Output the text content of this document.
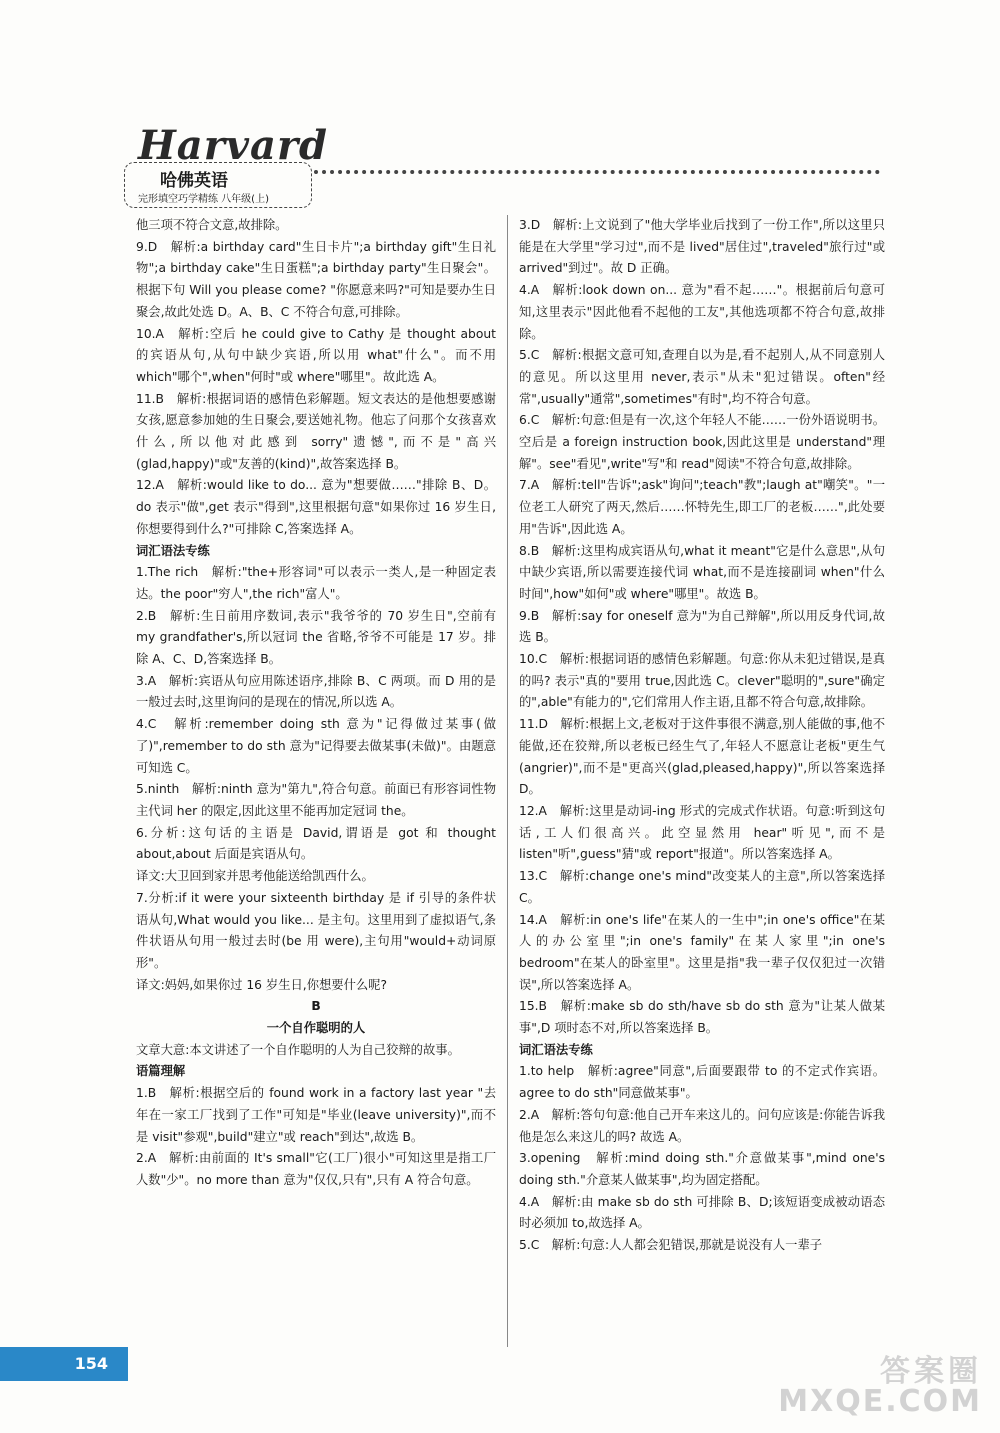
Harvard
哈佛英语
完形填空巧学精练 八年级(上)
他三项不符合文意,故排除。
9.D　解析:a birthday card"生日卡片";a birthday gift"生日礼物";a birthday cake"生日蛋糕";a birthday party"生日聚会"。根据下句 Will you please come? "你愿意来吗?"可知是要办生日聚会,故此处选 D。A、B、C 不符合句意,可排除。
10.A　解析:空后 he could give to Cathy 是 thought about 的宾语从句,从句中缺少宾语,所以用 what"什么"。而不用 which"哪个",when"何时"或 where"哪里"。故此选 A。
11.B　解析:根据词语的感情色彩解题。短文表达的是他想要感谢女孩,愿意参加她的生日聚会,要送她礼物。他忘了问那个女孩喜欢什么,所以他对此感到 sorry"遗憾",而不是"高兴(glad,happy)"或"友善的(kind)",故答案选择 B。
12.A　解析:would like to do... 意为"想要做……"排除 B、D。do 表示"做",get 表示"得到",这里根据句意"如果你过 16 岁生日,你想要得到什么?"可排除 C,答案选择 A。
词汇语法专练
1.The rich　解析:"the+形容词"可以表示一类人,是一种固定表达。the poor"穷人",the rich"富人"。
2.B　解析:生日前用序数词,表示"我爷爷的 70 岁生日",空前有 my grandfather's,所以冠词 the 省略,爷爷不可能是 17 岁。排除 A、C、D,答案选择 B。
3.A　解析:宾语从句应用陈述语序,排除 B、C 两项。而 D 用的是一般过去时,这里询问的是现在的情况,所以选 A。
4.C　解析:remember doing sth 意为"记得做过某事(做了)",remember to do sth 意为"记得要去做某事(未做)"。由题意可知选 C。
5.ninth　解析:ninth 意为"第九",符合句意。前面已有形容词性物主代词 her 的限定,因此这里不能再加定冠词 the。
6.分析:这句话的主语是 David,谓语是 got 和 thought about,about 后面是宾语从句。
译文:大卫回到家并思考他能送给凯西什么。
7.分析:if it were your sixteenth birthday 是 if 引导的条件状语从句,What would you like... 是主句。这里用到了虚拟语气,条件状语从句用一般过去时(be 用 were),主句用"would+动词原形"。
译文:妈妈,如果你过 16 岁生日,你想要什么呢?
B
一个自作聪明的人
文章大意:本文讲述了一个自作聪明的人为自己狡辩的故事。
语篇理解
1.B　解析:根据空后的 found work in a factory last year "去年在一家工厂找到了工作"可知是"毕业(leave university)",而不是 visit"参观",build"建立"或 reach"到达",故选 B。
2.A　解析:由前面的 It's small"它(工厂)很小"可知这里是指工厂人数"少"。no more than 意为"仅仅,只有",只有 A 符合句意。
3.D　解析:上文说到了"他大学毕业后找到了一份工作",所以这里只能是在大学里"学习过",而不是 lived"居住过",traveled"旅行过"或 arrived"到过"。故 D 正确。
4.A　解析:look down on... 意为"看不起……"。根据前后句意可知,这里表示"因此他看不起他的工友",其他选项都不符合句意,故排除。
5.C　解析:根据文意可知,查理自以为是,看不起别人,从不同意别人的意见。所以这里用 never,表示"从未"犯过错误。often"经常",usually"通常",sometimes"有时",均不符合句意。
6.C　解析:句意:但是有一次,这个年轻人不能……一份外语说明书。空后是 a foreign instruction book,因此这里是 understand"理解"。see"看见",write"写"和 read"阅读"不符合句意,故排除。
7.A　解析:tell"告诉";ask"询问";teach"教";laugh at"嘲笑"。"一位老工人研究了两天,然后……怀特先生,即工厂的老板……",此处要用"告诉",因此选 A。
8.B　解析:这里构成宾语从句,what it meant"它是什么意思",从句中缺少宾语,所以需要连接代词 what,而不是连接副词 when"什么时间",how"如何"或 where"哪里"。故选 B。
9.B　解析:say for oneself 意为"为自己辩解",所以用反身代词,故选 B。
10.C　解析:根据词语的感情色彩解题。句意:你从未犯过错误,是真的吗? 表示"真的"要用 true,因此选 C。clever"聪明的",sure"确定的",able"有能力的",它们常用人作主语,且都不符合句意,故排除。
11.D　解析:根据上文,老板对于这件事很不满意,别人能做的事,他不能做,还在狡辩,所以老板已经生气了,年轻人不愿意让老板"更生气(angrier)",而不是"更高兴(glad,pleased,happy)",所以答案选择 D。
12.A　解析:这里是动词-ing 形式的完成式作状语。句意:听到这句话,工人们很高兴。此空显然用 hear"听见",而不是 listen"听",guess"猜"或 report"报道"。所以答案选择 A。
13.C　解析:change one's mind"改变某人的主意",所以答案选择 C。
14.A　解析:in one's life"在某人的一生中";in one's office"在某人的办公室里";in one's family"在某人家里";in one's bedroom"在某人的卧室里"。这里是指"我一辈子仅仅犯过一次错误",所以答案选择 A。
15.B　解析:make sb do sth/have sb do sth 意为"让某人做某事",D 项时态不对,所以答案选择 B。
词汇语法专练
1.to help　解析:agree"同意",后面要跟带 to 的不定式作宾语。agree to do sth"同意做某事"。
2.A　解析:答句句意:他自己开车来这儿的。问句应该是:你能告诉我他是怎么来这儿的吗? 故选 A。
3.opening　解析:mind doing sth."介意做某事",mind one's doing sth."介意某人做某事",均为固定搭配。
4.A　解析:由 make sb do sth 可排除 B、D;该短语变成被动语态时必须加 to,故选择 A。
5.C　解析:句意:人人都会犯错误,那就是说没有人一辈子
154	答案圈
MXQE.COM
